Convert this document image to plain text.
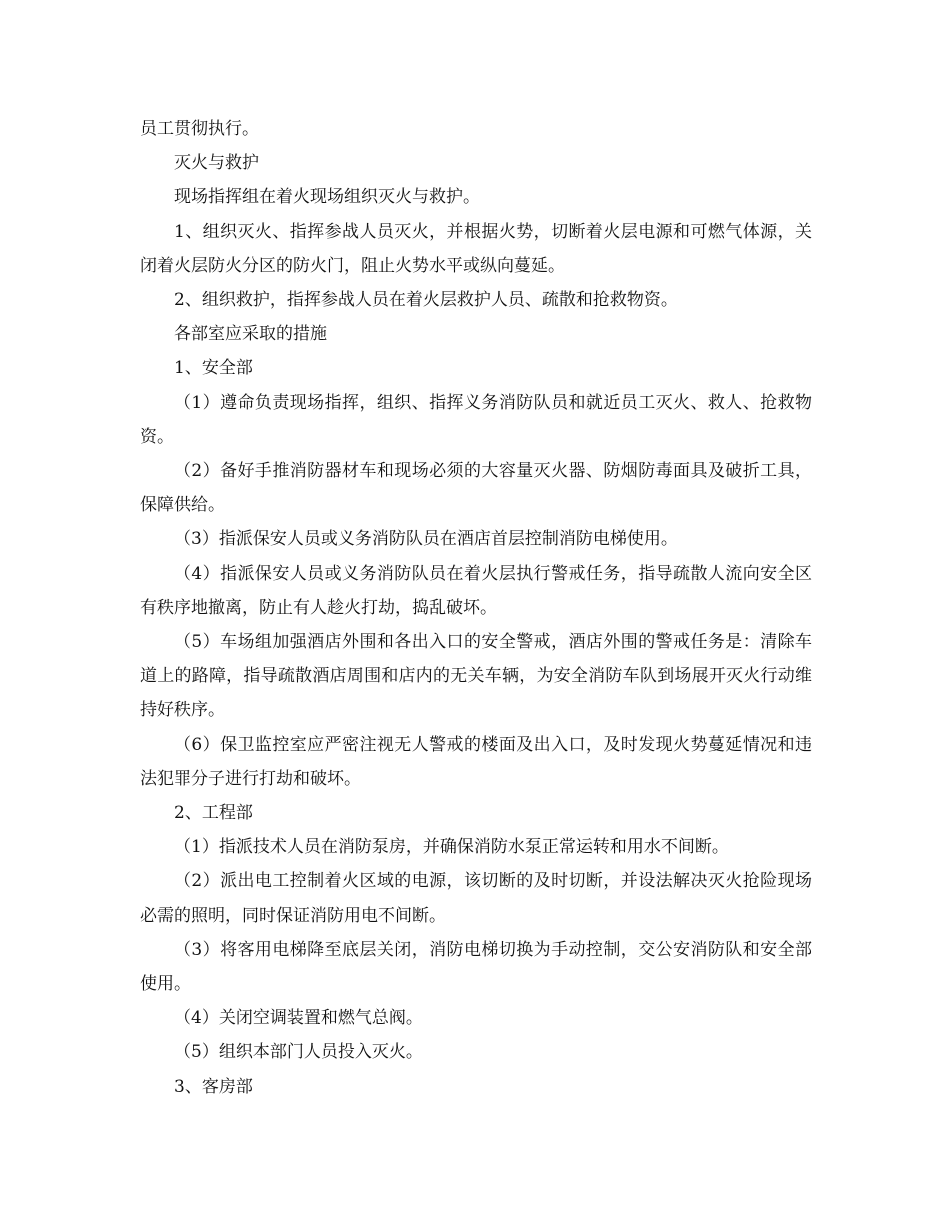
员工贯彻执行。

灭火与救护

现场指挥组在着火现场组织灭火与救护。

1、组织灭火、指挥参战人员灭火，并根据火势，切断着火层电源和可燃气体源，关闭着火层防火分区的防火门，阻止火势水平或纵向蔓延。

2、组织救护，指挥参战人员在着火层救护人员、疏散和抢救物资。

各部室应采取的措施

1、安全部

（1）遵命负责现场指挥，组织、指挥义务消防队员和就近员工灭火、救人、抢救物资。

（2）备好手推消防器材车和现场必须的大容量灭火器、防烟防毒面具及破折工具，保障供给。

（3）指派保安人员或义务消防队员在酒店首层控制消防电梯使用。

（4）指派保安人员或义务消防队员在着火层执行警戒任务，指导疏散人流向安全区有秩序地撤离，防止有人趁火打劫，捣乱破坏。

（5）车场组加强酒店外围和各出入口的安全警戒，酒店外围的警戒任务是：清除车道上的路障，指导疏散酒店周围和店内的无关车辆，为安全消防车队到场展开灭火行动维持好秩序。

（6）保卫监控室应严密注视无人警戒的楼面及出入口，及时发现火势蔓延情况和违法犯罪分子进行打劫和破坏。

2、工程部

（1）指派技术人员在消防泵房，并确保消防水泵正常运转和用水不间断。

（2）派出电工控制着火区域的电源，该切断的及时切断，并设法解决灭火抢险现场必需的照明，同时保证消防用电不间断。

（3）将客用电梯降至底层关闭，消防电梯切换为手动控制，交公安消防队和安全部使用。

（4）关闭空调装置和燃气总阀。

（5）组织本部门人员投入灭火。

3、客房部
